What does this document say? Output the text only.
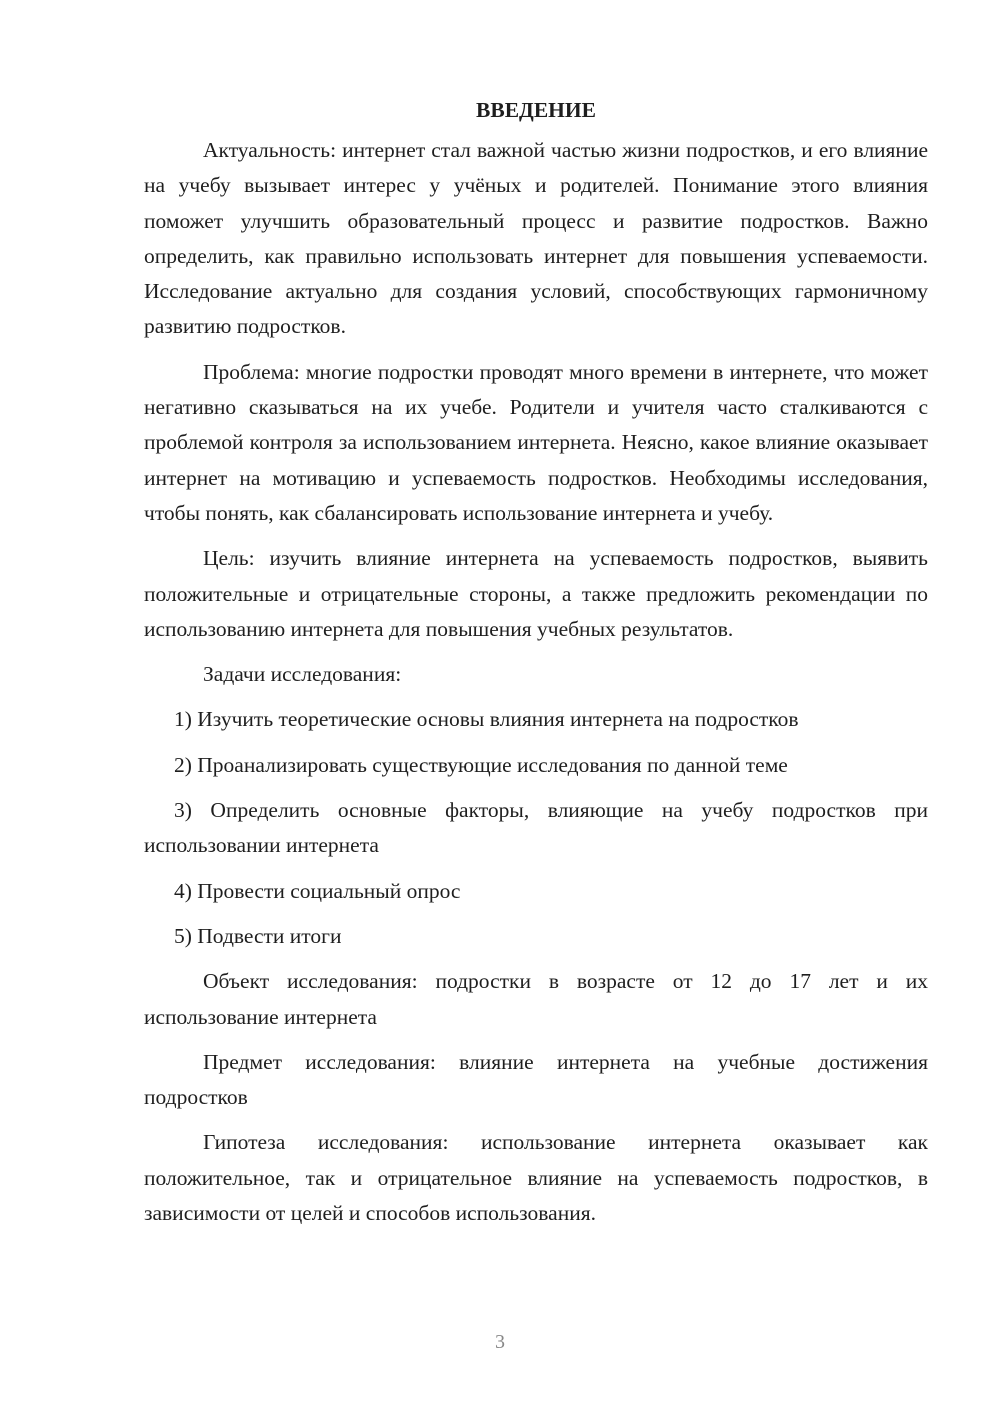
ВВЕДЕНИЕ

Актуальность: интернет стал важной частью жизни подростков, и его влияние на учебу вызывает интерес у учёных и родителей. Понимание этого влияния поможет улучшить образовательный процесс и развитие подростков. Важно определить, как правильно использовать интернет для повышения успеваемости. Исследование актуально для создания условий, способствующих гармоничному развитию подростков.

Проблема: многие подростки проводят много времени в интернете, что может негативно сказываться на их учебе. Родители и учителя часто сталкиваются с проблемой контроля за использованием интернета. Неясно, какое влияние оказывает интернет на мотивацию и успеваемость подростков. Необходимы исследования, чтобы понять, как сбалансировать использование интернета и учебу.

Цель: изучить влияние интернета на успеваемость подростков, выявить положительные и отрицательные стороны, а также предложить рекомендации по использованию интернета для повышения учебных результатов.

Задачи исследования:

1) Изучить теоретические основы влияния интернета на подростков

2) Проанализировать существующие исследования по данной теме

3) Определить основные факторы, влияющие на учебу подростков при использовании интернета

4) Провести социальный опрос

5) Подвести итоги

Объект исследования: подростки в возрасте от 12 до 17 лет и их использование интернета

Предмет исследования: влияние интернета на учебные достижения подростков

Гипотеза исследования: использование интернета оказывает как положительное, так и отрицательное влияние на успеваемость подростков, в зависимости от целей и способов использования.

3
